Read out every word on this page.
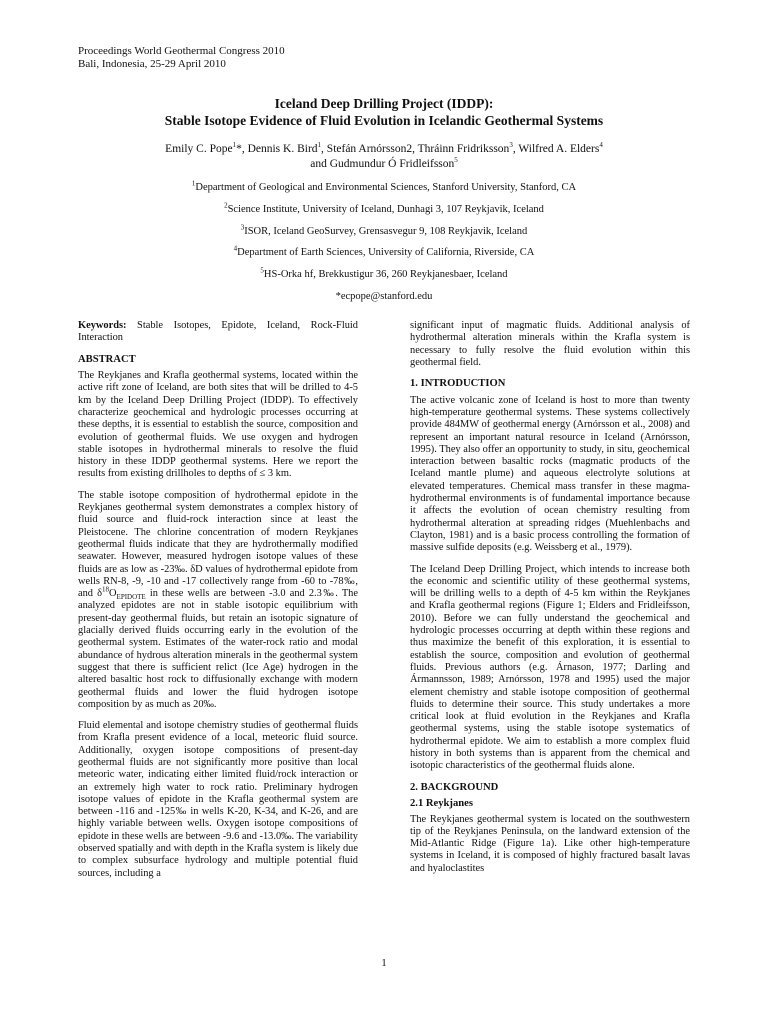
Proceedings World Geothermal Congress 2010
Bali, Indonesia, 25-29 April 2010
Iceland Deep Drilling Project (IDDP):
Stable Isotope Evidence of Fluid Evolution in Icelandic Geothermal Systems
Emily C. Pope$^1$*, Dennis K. Bird$^1$, Stefán Arnórsson2, Thráinn Fridriksson$^3$, Wilfred A. Elders$^4$
and Gudmundur Ó Fridleifsson$^5$
$^1$Department of Geological and Environmental Sciences, Stanford University, Stanford, CA
$^2$Science Institute, University of Iceland, Dunhagi 3, 107 Reykjavik, Iceland
$^3$ISOR, Iceland GeoSurvey, Grensasvegur 9, 108 Reykjavik, Iceland
$^4$Department of Earth Sciences, University of California, Riverside, CA
$^5$HS-Orka hf, Brekkustigur 36, 260 Reykjanesbaer, Iceland
*ecpope@stanford.edu

Keywords: Stable Isotopes, Epidote, Iceland, Rock-Fluid Interaction

ABSTRACT

The Reykjanes and Krafla geothermal systems, located within the active rift zone of Iceland, are both sites that will be drilled to 4-5 km by the Iceland Deep Drilling Project (IDDP). To effectively characterize geochemical and hydrologic processes occurring at these depths, it is essential to establish the source, composition and evolution of geothermal fluids. We use oxygen and hydrogen stable isotopes in hydrothermal minerals to resolve the fluid history in these IDDP geothermal systems. Here we report the results from existing drillholes to depths of ≤ 3 km.

The stable isotope composition of hydrothermal epidote in the Reykjanes geothermal system demonstrates a complex history of fluid source and fluid-rock interaction since at least the Pleistocene. The chlorine concentration of modern Reykjanes geothermal fluids indicate that they are hydrothermally modified seawater. However, measured hydrogen isotope values of these fluids are as low as -23‰. δD values of hydrothermal epidote from wells RN-8, -9, -10 and -17 collectively range from -60 to -78‰, and $\delta^{18}O_{EPIDOTE}$ in these wells are between -3.0 and 2.3‰. The analyzed epidotes are not in stable isotopic equilibrium with present-day geothermal fluids, but retain an isotopic signature of glacially derived fluids occurring early in the evolution of the geothermal system. Estimates of the water-rock ratio and modal abundance of hydrous alteration minerals in the geothermal system suggest that there is sufficient relict (Ice Age) hydrogen in the altered basaltic host rock to diffusionally exchange with modern geothermal fluids and lower the fluid hydrogen isotope composition by as much as 20‰.

Fluid elemental and isotope chemistry studies of geothermal fluids from Krafla present evidence of a local, meteoric fluid source. Additionally, oxygen isotope compositions of present-day geothermal fluids are not significantly more positive than local meteoric water, indicating either limited fluid/rock interaction or an extremely high water to rock ratio. Preliminary hydrogen isotope values of epidote in the Krafla geothermal system are between -116 and -125‰ in wells K-20, K-34, and K-26, and are highly variable between wells. Oxygen isotope compositions of epidote in these wells are between -9.6 and -13.0‰. The variability observed spatially and with depth in the Krafla system is likely due to complex subsurface hydrology and multiple potential fluid sources, including a

significant input of magmatic fluids. Additional analysis of hydrothermal alteration minerals within the Krafla system is necessary to fully resolve the fluid evolution within this geothermal field.

1. INTRODUCTION

The active volcanic zone of Iceland is host to more than twenty high-temperature geothermal systems. These systems collectively provide 484MW of geothermal energy (Arnórsson et al., 2008) and represent an important natural resource in Iceland (Arnórsson, 1995). They also offer an opportunity to study, in situ, geochemical interaction between basaltic rocks (magmatic products of the Iceland mantle plume) and aqueous electrolyte solutions at elevated temperatures. Chemical mass transfer in these magma-hydrothermal environments is of fundamental importance because it affects the evolution of ocean chemistry resulting from hydrothermal alteration at spreading ridges (Muehlenbachs and Clayton, 1981) and is a basic process controlling the formation of massive sulfide deposits (e.g. Weissberg et al., 1979).

The Iceland Deep Drilling Project, which intends to increase both the economic and scientific utility of these geothermal systems, will be drilling wells to a depth of 4-5 km within the Reykjanes and Krafla geothermal regions (Figure 1; Elders and Fridleifsson, 2010). Before we can fully understand the geochemical and hydrologic processes occurring at depth within these regions and thus maximize the benefit of this exploration, it is essential to establish the source, composition and evolution of geothermal fluids. Previous authors (e.g. Árnason, 1977; Darling and Ármannsson, 1989; Arnórsson, 1978 and 1995) used the major element chemistry and stable isotope composition of geothermal fluids to determine their source. This study undertakes a more critical look at fluid evolution in the Reykjanes and Krafla geothermal systems, using the stable isotope systematics of hydrothermal epidote. We aim to establish a more complex fluid history in both systems than is apparent from the chemical and isotopic characteristics of the geothermal fluids alone.

2. BACKGROUND
2.1 Reykjanes

The Reykjanes geothermal system is located on the southwestern tip of the Reykjanes Peninsula, on the landward extension of the Mid-Atlantic Ridge (Figure 1a). Like other high-temperature systems in Iceland, it is composed of highly fractured basalt lavas and hyaloclastites

1
